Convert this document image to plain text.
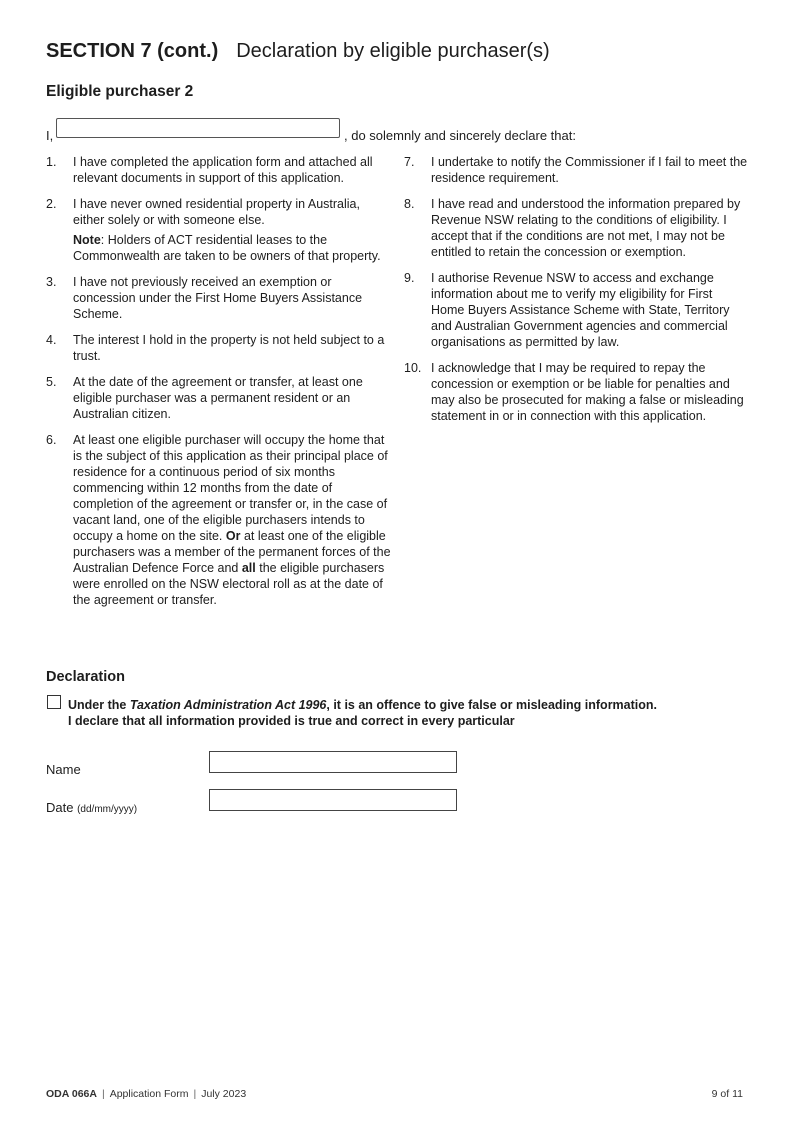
SECTION 7 (cont.) Declaration by eligible purchaser(s)
Eligible purchaser 2
I,	, do solemnly and sincerely declare that:
1. I have completed the application form and attached all relevant documents in support of this application.
2. I have never owned residential property in Australia, either solely or with someone else.
Note: Holders of ACT residential leases to the Commonwealth are taken to be owners of that property.
3. I have not previously received an exemption or concession under the First Home Buyers Assistance Scheme.
4. The interest I hold in the property is not held subject to a trust.
5. At the date of the agreement or transfer, at least one eligible purchaser was a permanent resident or an Australian citizen.
6. At least one eligible purchaser will occupy the home that is the subject of this application as their principal place of residence for a continuous period of six months commencing within 12 months from the date of completion of the agreement or transfer or, in the case of vacant land, one of the eligible purchasers intends to occupy a home on the site. Or at least one of the eligible purchasers was a member of the permanent forces of the Australian Defence Force and all the eligible purchasers were enrolled on the NSW electoral roll as at the date of the agreement or transfer.
7. I undertake to notify the Commissioner if I fail to meet the residence requirement.
8. I have read and understood the information prepared by Revenue NSW relating to the conditions of eligibility. I accept that if the conditions are not met, I may not be entitled to retain the concession or exemption.
9. I authorise Revenue NSW to access and exchange information about me to verify my eligibility for First Home Buyers Assistance Scheme with State, Territory and Australian Government agencies and commercial organisations as permitted by law.
10. I acknowledge that I may be required to repay the concession or exemption or be liable for penalties and may also be prosecuted for making a false or misleading statement in or in connection with this application.
Declaration
Under the Taxation Administration Act 1996, it is an offence to give false or misleading information.
I declare that all information provided is true and correct in every particular
Name
Date (dd/mm/yyyy)
ODA 066A | Application Form | July 2023	9 of 11
